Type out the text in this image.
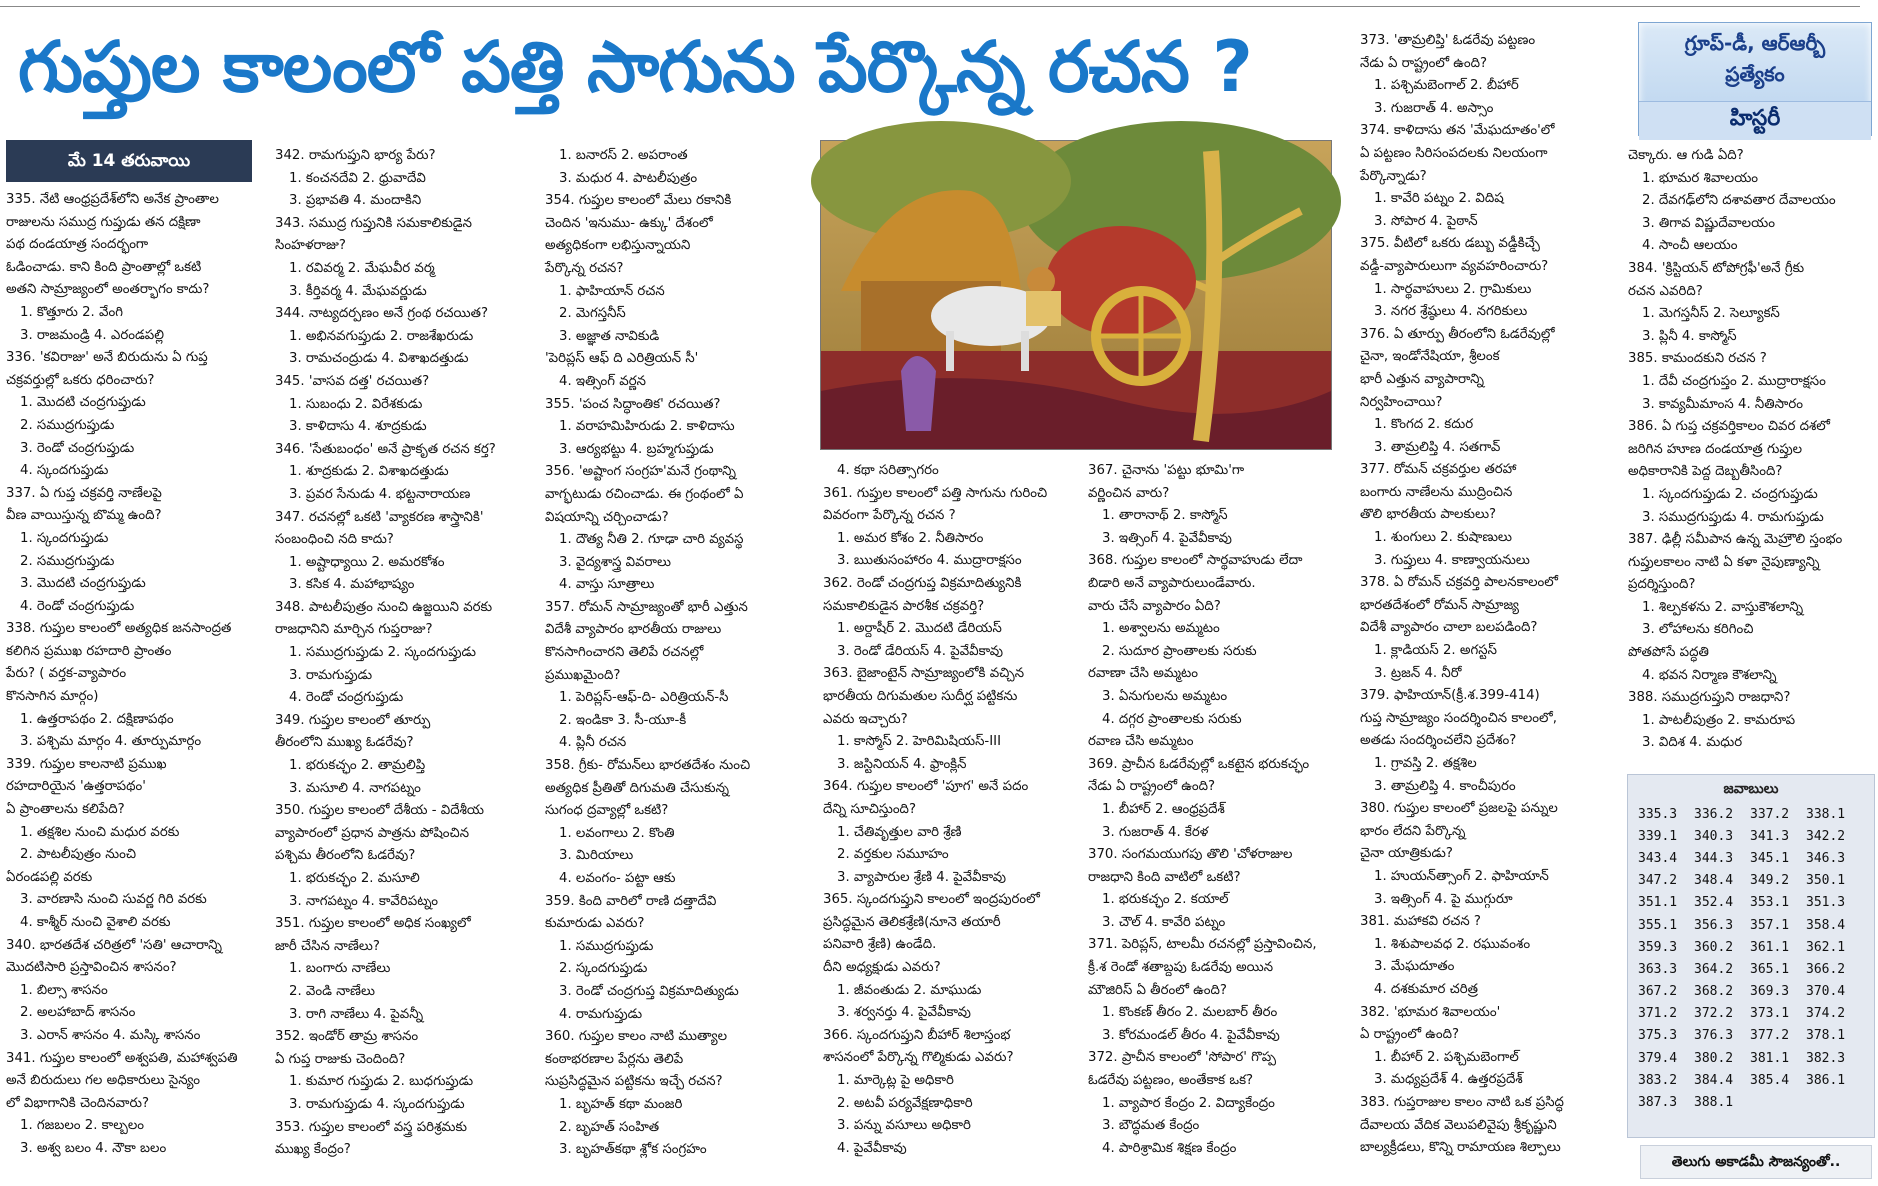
గుప్తుల కాలంలో పత్తి సాగును పేర్కొన్న రచన ?	గ్రూప్-డీ, ఆర్ఆర్బీ
ప్రత్యేకం
హిస్టరీ
మే 14 తరువాయి

335. నేటి ఆంధ్రప్రదేశ్‌లోని అనేక ప్రాంతాల

రాజులను సముద్ర గుప్తుడు తన దక్షిణా

పథ దండయాత్ర సందర్భంగా

ఓడించాడు. కాని కింది ప్రాంతాల్లో ఒకటి

అతని సామ్రాజ్యంలో అంతర్భాగం కాదు?

1. కొత్తూరు 2. వేంగి

3. రాజమండ్రి 4. ఎరండపల్లి

336. 'కవిరాజు' అనే బిరుదును ఏ గుప్త

చక్రవర్తుల్లో ఒకరు ధరించారు?

1. మొదటి చంద్రగుప్తుడు

2. సముద్రగుప్తుడు

3. రెండో చంద్రగుప్తుడు

4. స్కందగుప్తుడు

337. ఏ గుప్త చక్రవర్తి నాణేలపై

వీణ వాయిస్తున్న బొమ్మ ఉంది?

1. స్కందగుప్తుడు

2. సముద్రగుప్తుడు

3. మొదటి చంద్రగుప్తుడు

4. రెండో చంద్రగుప్తుడు

338. గుప్తుల కాలంలో అత్యధిక జనసాంద్రత

కలిగిన ప్రముఖ రహదారి ప్రాంతం

పేరు? ( వర్తక-వ్యాపారం

కొనసాగిన మార్గం)

1. ఉత్తరాపథం 2. దక్షిణాపథం

3. పశ్చిమ మార్గం 4. తూర్పుమార్గం

339. గుప్తుల కాలనాటి ప్రముఖ

రహదారియైన 'ఉత్తరాపథం'

ఏ ప్రాంతాలను కలిపేది?

1. తక్షశిల నుంచి మధుర వరకు

2. పాటలీపుత్రం నుంచి

ఏరండపల్లి వరకు

3. వారణాసి నుంచి సువర్ణ గిరి వరకు

4. కాశ్మీర్ నుంచి వైశాలి వరకు

340. భారతదేశ చరిత్రలో 'సతి' ఆచారాన్ని

మొదటిసారి ప్రస్తావించిన శాసనం?

1. బిల్సా శాసనం

2. అలహాబాద్ శాసనం

3. ఎరాన్ శాసనం 4. మస్కి శాసనం

341. గుప్తుల కాలంలో అశ్వపతి, మహాశ్వపతి

అనే బిరుదులు గల అధికారులు సైన్యం

లో విభాగానికి చెందినవారు?

1. గజబలం 2. కాల్బలం

3. అశ్వ బలం 4. నౌకా బలం

342. రామగుప్తుని భార్య పేరు?

1. కంచనదేవి 2. ధ్రువాదేవి

3. ప్రభావతి 4. మందాకిని

343. సముద్ర గుప్తునికి సమకాలికుడైన

సింహళరాజు?

1. రవివర్మ 2. మేఘవీర వర్మ

3. కీర్తివర్మ 4. మేఘవర్ణుడు

344. నాట్యదర్పణం అనే గ్రంథ రచయిత?

1. అభినవగుప్తుడు 2. రాజశేఖరుడు

3. రామచంద్రుడు 4. విశాఖదత్తుడు

345. 'వాసవ దత్త' రచయిత?

1. సుబంధు 2. విరేశకుడు

3. కాళిదాసు 4. శూద్రకుడు

346. 'సేతుబంధం' అనే ప్రాకృత రచన కర్త?

1. శూద్రకుడు 2. విశాఖదత్తుడు

3. ప్రవర సేనుడు 4. భట్టనారాయణ

347. రచనల్లో ఒకటి 'వ్యాకరణ శాస్త్రానికి'

సంబంధించి నది కాదు?

1. అష్టాధ్యాయి 2. అమరకోశం

3. కసిక 4. మహాభాష్యం

348. పాటలీపుత్రం నుంచి ఉజ్జయిని వరకు

రాజధానిని మార్చిన గుప్తరాజు?

1. సముద్రగుప్తుడు 2. స్కందగుప్తుడు

3. రామగుప్తుడు

4. రెండో చంద్రగుప్తుడు

349. గుప్తుల కాలంలో తూర్పు

తీరంలోని ముఖ్య ఓడరేవు?

1. భరుకచ్ఛం 2. తామ్రలిప్తి

3. మసూలి 4. నాగపట్నం

350. గుప్తుల కాలంలో దేశీయ - విదేశీయ

వ్యాపారంలో ప్రధాన పాత్రను పోషించిన

పశ్చిమ తీరంలోని ఓడరేవు?

1. భరుకచ్ఛం 2. మసూలి

3. నాగపట్నం 4. కావేరిపట్నం

351. గుప్తుల కాలంలో అధిక సంఖ్యలో

జారీ చేసిన నాణేలు?

1. బంగారు నాణేలు

2. వెండి నాణేలు

3. రాగి నాణేలు 4. పైవన్నీ

352. ఇండోర్ తామ్ర శాసనం

ఏ గుప్త రాజుకు చెందింది?

1. కుమార గుప్తుడు 2. బుధగుప్తుడు

3. రామగుప్తుడు 4. స్కందగుప్తుడు

353. గుప్తుల కాలంలో వస్త్ర పరిశ్రమకు

ముఖ్య కేంద్రం?

1. బనారస్ 2. అపరాంత

3. మధుర 4. పాటలీపుత్రం

354. గుప్తుల కాలంలో మేలు రకానికి

చెందిన 'ఇనుము- ఉక్కు' దేశంలో

అత్యధికంగా లభిస్తున్నాయని

పేర్కొన్న రచన?

1. ఫాహియాన్ రచన

2. మెగస్తనీస్

3. అజ్ఞాత నావికుడి

'పెరిప్లస్ ఆఫ్ ది ఎరిత్రియన్ సీ'

4. ఇత్సింగ్ వర్ణన

355. 'పంచ సిద్ధాంతిక' రచయిత?

1. వరాహమిహిరుడు 2. కాళిదాసు

3. ఆర్యభట్టు 4. బ్రహ్మగుప్తుడు

356. 'అష్టాంగ సంగ్రహ'మనే గ్రంథాన్ని

వాగ్భటుడు రచించాడు. ఈ గ్రంథంలో ఏ

విషయాన్ని చర్చించాడు?

1. దౌత్య నీతి 2. గూఢా చారి వ్యవస్థ

3. వైద్యశాస్త్ర వివరాలు

4. వాస్తు సూత్రాలు

357. రోమన్ సామ్రాజ్యంతో భారీ ఎత్తున

విదేశీ వ్యాపారం భారతీయ రాజులు

కొనసాగించారని తెలిపే రచనల్లో

ప్రముఖమైంది?

1. పెరిప్లస్-ఆఫ్-ది- ఎరిత్రియన్-సీ

2. ఇండికా 3. సీ-యూ-కీ

4. ప్లినీ రచన

358. గ్రీకు- రోమన్‌లు భారతదేశం నుంచి

అత్యధిక ప్రీతితో దిగుమతి చేసుకున్న

సుగంధ ద్రవ్యాల్లో ఒకటి?

1. లవంగాలు 2. కొంతి

3. మిరియాలు

4. లవంగం- పట్టా ఆకు

359. కింది వారిలో రాణి దత్తాదేవి

కుమారుడు ఎవరు?

1. సముద్రగుప్తుడు

2. స్కందగుప్తుడు

3. రెండో చంద్రగుప్త విక్రమాదిత్యుడు

4. రామగుప్తుడు

360. గుప్తుల కాలం నాటి ముత్యాల

కంఠాభరణాల పేర్లను తెలిపే

సుప్రసిద్ధమైన పట్టికను ఇచ్చే రచన?

1. బృహత్ కథా మంజరి

2. బృహత్ సంహిత

3. బృహత్‌కథా శ్లోక సంగ్రహం

4. కథా సరిత్సాగరం

361. గుప్తుల కాలంలో పత్తి సాగును గురించి

వివరంగా పేర్కొన్న రచన ?

1. అమర కోశం 2. నీతిసారం

3. ఋతుసంహారం 4. ముద్రారాక్షసం

362. రెండో చంద్రగుప్త విక్రమాదిత్యునికి

సమకాలికుడైన పారశీక చక్రవర్తి?

1. అర్దాషీర్ 2. మొదటి డేరియస్

3. రెండో డేరియస్ 4. పైవేవీకావు

363. బైజాంటైన్ సామ్రాజ్యంలోకి వచ్చిన

భారతీయ దిగుమతుల సుదీర్ఘ పట్టికను

ఎవరు ఇచ్చారు?

1. కాస్మోస్ 2. హెరిమిషియస్-III

3. జస్టినియన్ 4. ఫ్రాంక్లిన్

364. గుప్తుల కాలంలో 'పూగ' అనే పదం

దేన్ని సూచిస్తుంది?

1. చేతివృత్తుల వారి శ్రేణి

2. వర్తకుల సమూహం

3. వ్యాపారుల శ్రేణి 4. పైవేవీకావు

365. స్కందగుప్తుని కాలంలో ఇంద్రపురంలో

ప్రసిద్ధమైన తెలికశ్రేణి(నూనె తయారీ

పనివారి శ్రేణి) ఉండేది.

దీని అధ్యక్షుడు ఎవరు?

1. జీవంతుడు 2. మాఘుడు

3. శర్వనర్తు 4. పైవేవీకావు

366. స్కందగుప్తుని బీహార్ శిలాస్తంభ

శాసనంలో పేర్కొన్న గొల్మికుడు ఎవరు?

1. మార్కెట్ల పై అధికారి

2. అటవీ పర్యవేక్షణాధికారి

3. పన్ను వసూలు అధికారి

4. పైవేవీకావు

367. చైనాను 'పట్టు భూమి'గా

వర్ణించిన వారు?

1. తారానాథ్ 2. కాస్మోస్

3. ఇత్సింగ్ 4. పైవేవీకావు

368. గుప్తుల కాలంలో సార్థవాహుడు లేదా

బిడారి అనే వ్యాపారులుండేవారు.

వారు చేసే వ్యాపారం ఏది?

1. అశ్వాలను అమ్మటం

2. సుదూర ప్రాంతాలకు సరుకు

రవాణా చేసి అమ్మటం

3. ఏనుగులను అమ్మటం

4. దగ్గర ప్రాంతాలకు సరుకు

రవాణ చేసి అమ్మటం

369. ప్రాచీన ఓడరేవుల్లో ఒకటైన భరుకచ్ఛం

నేడు ఏ రాష్ట్రంలో ఉంది?

1. బీహార్ 2. ఆంధ్రప్రదేశ్

3. గుజరాత్ 4. కేరళ

370. సంగమయుగపు తొలి 'చోళరాజుల

రాజధాని కింది వాటిలో ఒకటి?

1. భరుకచ్ఛం 2. కయాల్

3. చౌల్ 4. కావేరి పట్నం

371. పెరిప్లస్, టాలమీ రచనల్లో ప్రస్తావించిన,

క్రీ.శ రెండో శతాబ్దపు ఓడరేవు అయిన

మౌజిరిస్ ఏ తీరంలో ఉంది?

1. కొంకణ్ తీరం 2. మలబార్ తీరం

3. కోరమండల్ తీరం 4. పైవేవీకావు

372. ప్రాచీన కాలంలో 'సోపార' గొప్ప

ఓడరేవు పట్టణం, అంతేకాక ఒక?

1. వ్యాపార కేంద్రం 2. విద్యాకేంద్రం

3. బౌద్ధమత కేంద్రం

4. పారిశ్రామిక శిక్షణ కేంద్రం

373. 'తామ్రలిప్తి' ఓడరేవు పట్టణం

నేడు ఏ రాష్ట్రంలో ఉంది?

1. పశ్చిమబెంగాల్ 2. బీహార్

3. గుజరాత్ 4. అస్సాం

374. కాళిదాసు తన 'మేఘదూతం'లో

ఏ పట్టణం సిరిసంపదలకు నిలయంగా

పేర్కొన్నాడు?

1. కావేరి పట్నం 2. విదిష

3. సోపార 4. పైఠాన్

375. వీటిలో ఒకరు డబ్బు వడ్డీకిచ్చే

వడ్డీ-వ్యాపారులుగా వ్యవహరించారు?

1. సార్థవాహులు 2. గ్రామికులు

3. నగర శ్రేష్ఠులు 4. నగరికులు

376. ఏ తూర్పు తీరంలోని ఓడరేవుల్లో

చైనా, ఇండోనేషియా, శ్రీలంక

భారీ ఎత్తున వ్యాపారాన్ని

నిర్వహించాయి?

1. కొంగద 2. కదుర

3. తామ్రలిప్తి 4. సతగావ్

377. రోమన్ చక్రవర్తుల తరహా

బంగారు నాణేలను ముద్రించిన

తొలి భారతీయ పాలకులు?

1. శుంగులు 2. కుషాణులు

3. గుప్తులు 4. కాణ్వాయనులు

378. ఏ రోమన్ చక్రవర్తి పాలనకాలంలో

భారతదేశంలో రోమన్ సామ్రాజ్య

విదేశీ వ్యాపారం చాలా బలపడింది?

1. క్లాడియస్ 2. అగస్టస్

3. ట్రజన్ 4. నీరో

379. ఫాహియాన్(క్రీ.శ.399-414)

గుప్త సామ్రాజ్యం సందర్శించిన కాలంలో,

అతడు సందర్శించలేని ప్రదేశం?

1. గ్రావస్తి 2. తక్షశిల

3. తామ్రలిప్తి 4. కాంచీపురం

380. గుప్తుల కాలంలో ప్రజలపై పన్నుల

భారం లేదని పేర్కొన్న

చైనా యాత్రికుడు?

1. హుయన్‌త్సాంగ్ 2. ఫాహియాన్

3. ఇత్సింగ్ 4. పై ముగ్గురూ

381. మహాకవి రచన ?

1. శిశుపాలవధ 2. రఘువంశం

3. మేఘదూతం

4. దశకుమార చరిత్ర

382. 'భూమర శివాలయం'

ఏ రాష్ట్రంలో ఉంది?

1. బీహార్ 2. పశ్చిమబెంగాల్

3. మధ్యప్రదేశ్ 4. ఉత్తరప్రదేశ్

383. గుప్తరాజుల కాలం నాటి ఒక ప్రసిద్ధ

దేవాలయ వేదిక వెలుపలివైపు శ్రీకృష్ణుని

బాల్యక్రీడలు, కొన్ని రామాయణ శిల్పాలు

చెక్కారు. ఆ గుడి ఏది?

1. భూమర శివాలయం

2. దేవగఢ్‌లోని దశావతార దేవాలయం

3. తిగావ విష్ణుదేవాలయం

4. సాంచీ ఆలయం

384. 'క్రిస్టియన్ టోపోగ్రఫీ'అనే గ్రీకు

రచన ఎవరిది?

1. మెగస్తనీస్ 2. సెల్యూకస్

3. ప్లినీ 4. కాస్మోస్

385. కామందకుని రచన ?

1. దేవీ చంద్రగుప్తం 2. ముద్రారాక్షసం

3. కావ్యమీమాంస 4. నీతిసారం

386. ఏ గుప్త చక్రవర్తికాలం చివర దశలో

జరిగిన హూణ దండయాత్ర గుప్తుల

అధికారానికి పెద్ద దెబ్బతీసింది?

1. స్కందగుప్తుడు 2. చంద్రగుప్తుడు

3. సముద్రగుప్తుడు 4. రామగుప్తుడు

387. ఢిల్లీ సమీపాన ఉన్న మెహ్రౌలి స్తంభం

గుప్తులకాలం నాటి ఏ కళా నైపుణ్యాన్ని

ప్రదర్శిస్తుంది?

1. శిల్పకళను 2. వాస్తుకౌశలాన్ని

3. లోహాలను కరిగించి

పోతపోసే పద్ధతి

4. భవన నిర్మాణ కౌశలాన్ని

388. సముద్రగుప్తుని రాజధాని?

1. పాటలీపుత్రం 2. కామరూప

3. విదిశ 4. మధుర

జవాబులు
335.3	336.2	337.2	338.1
339.1	340.3	341.3	342.2
343.4	344.3	345.1	346.3
347.2	348.4	349.2	350.1
351.1	352.4	353.1	351.3
355.1	356.3	357.1	358.4
359.3	360.2	361.1	362.1
363.3	364.2	365.1	366.2
367.2	368.2	369.3	370.4
371.2	372.2	373.1	374.2
375.3	376.3	377.2	378.1
379.4	380.2	381.1	382.3
383.2	384.4	385.4	386.1
387.3	388.1		
తెలుగు అకాడమీ సౌజన్యంతో..
